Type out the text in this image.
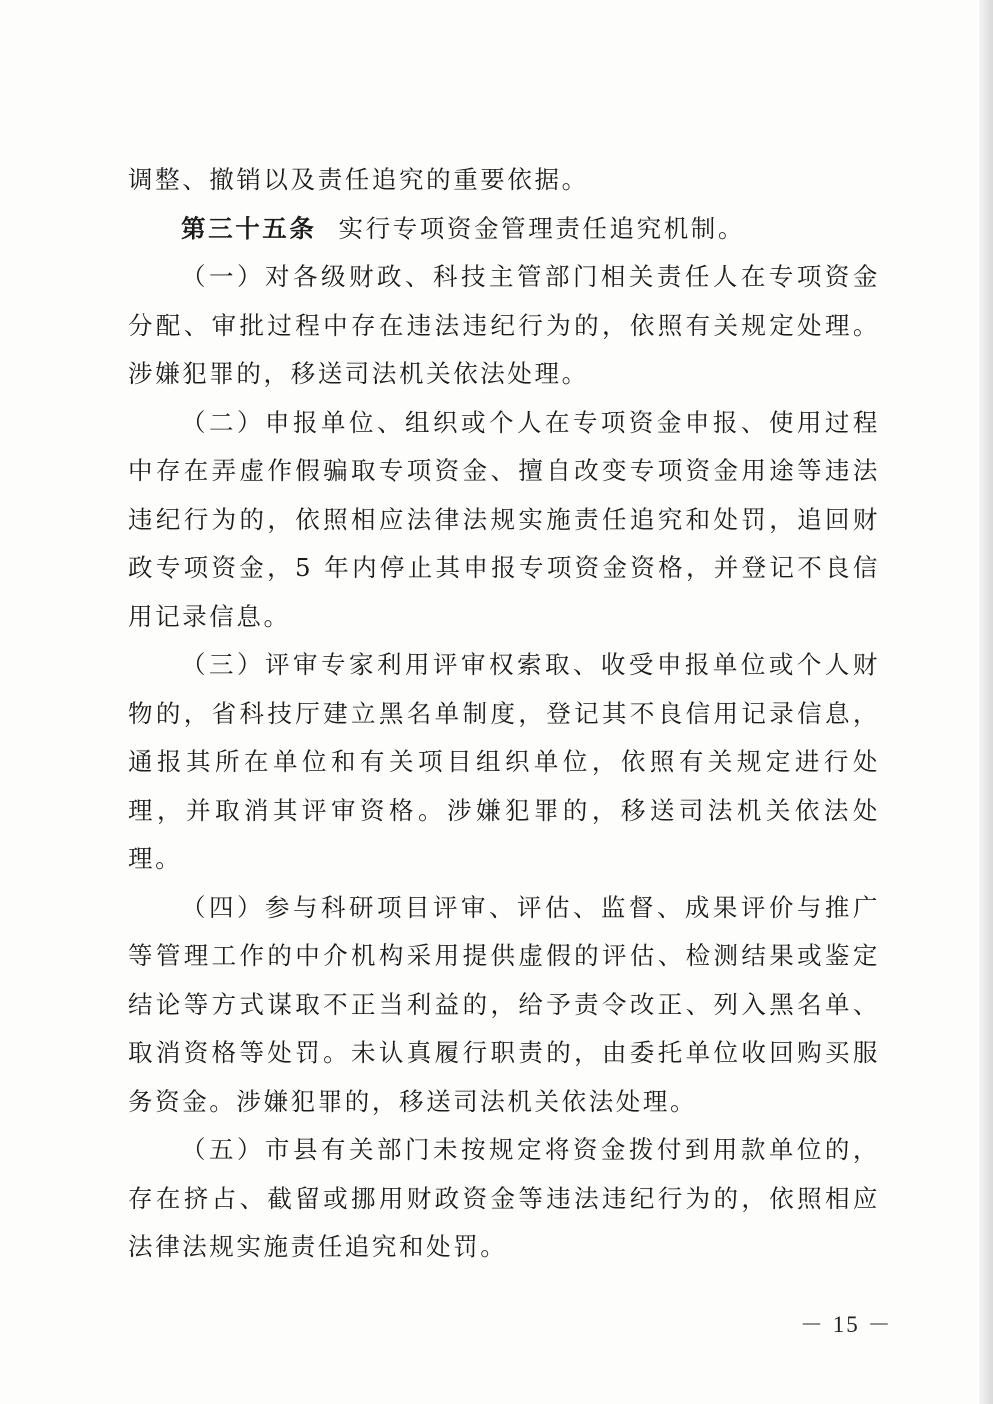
调整、撤销以及责任追究的重要依据。

第三十五条 实行专项资金管理责任追究机制。

（一）对各级财政、科技主管部门相关责任人在专项资金分配、审批过程中存在违法违纪行为的，依照有关规定处理。涉嫌犯罪的，移送司法机关依法处理。

（二）申报单位、组织或个人在专项资金申报、使用过程中存在弄虚作假骗取专项资金、擅自改变专项资金用途等违法违纪行为的，依照相应法律法规实施责任追究和处罚，追回财政专项资金，5 年内停止其申报专项资金资格，并登记不良信用记录信息。

（三）评审专家利用评审权索取、收受申报单位或个人财物的，省科技厅建立黑名单制度，登记其不良信用记录信息，通报其所在单位和有关项目组织单位，依照有关规定进行处理，并取消其评审资格。涉嫌犯罪的，移送司法机关依法处理。

（四）参与科研项目评审、评估、监督、成果评价与推广等管理工作的中介机构采用提供虚假的评估、检测结果或鉴定结论等方式谋取不正当利益的，给予责令改正、列入黑名单、取消资格等处罚。未认真履行职责的，由委托单位收回购买服务资金。涉嫌犯罪的，移送司法机关依法处理。

（五）市县有关部门未按规定将资金拨付到用款单位的，存在挤占、截留或挪用财政资金等违法违纪行为的，依照相应法律法规实施责任追究和处罚。

－ 15 －
